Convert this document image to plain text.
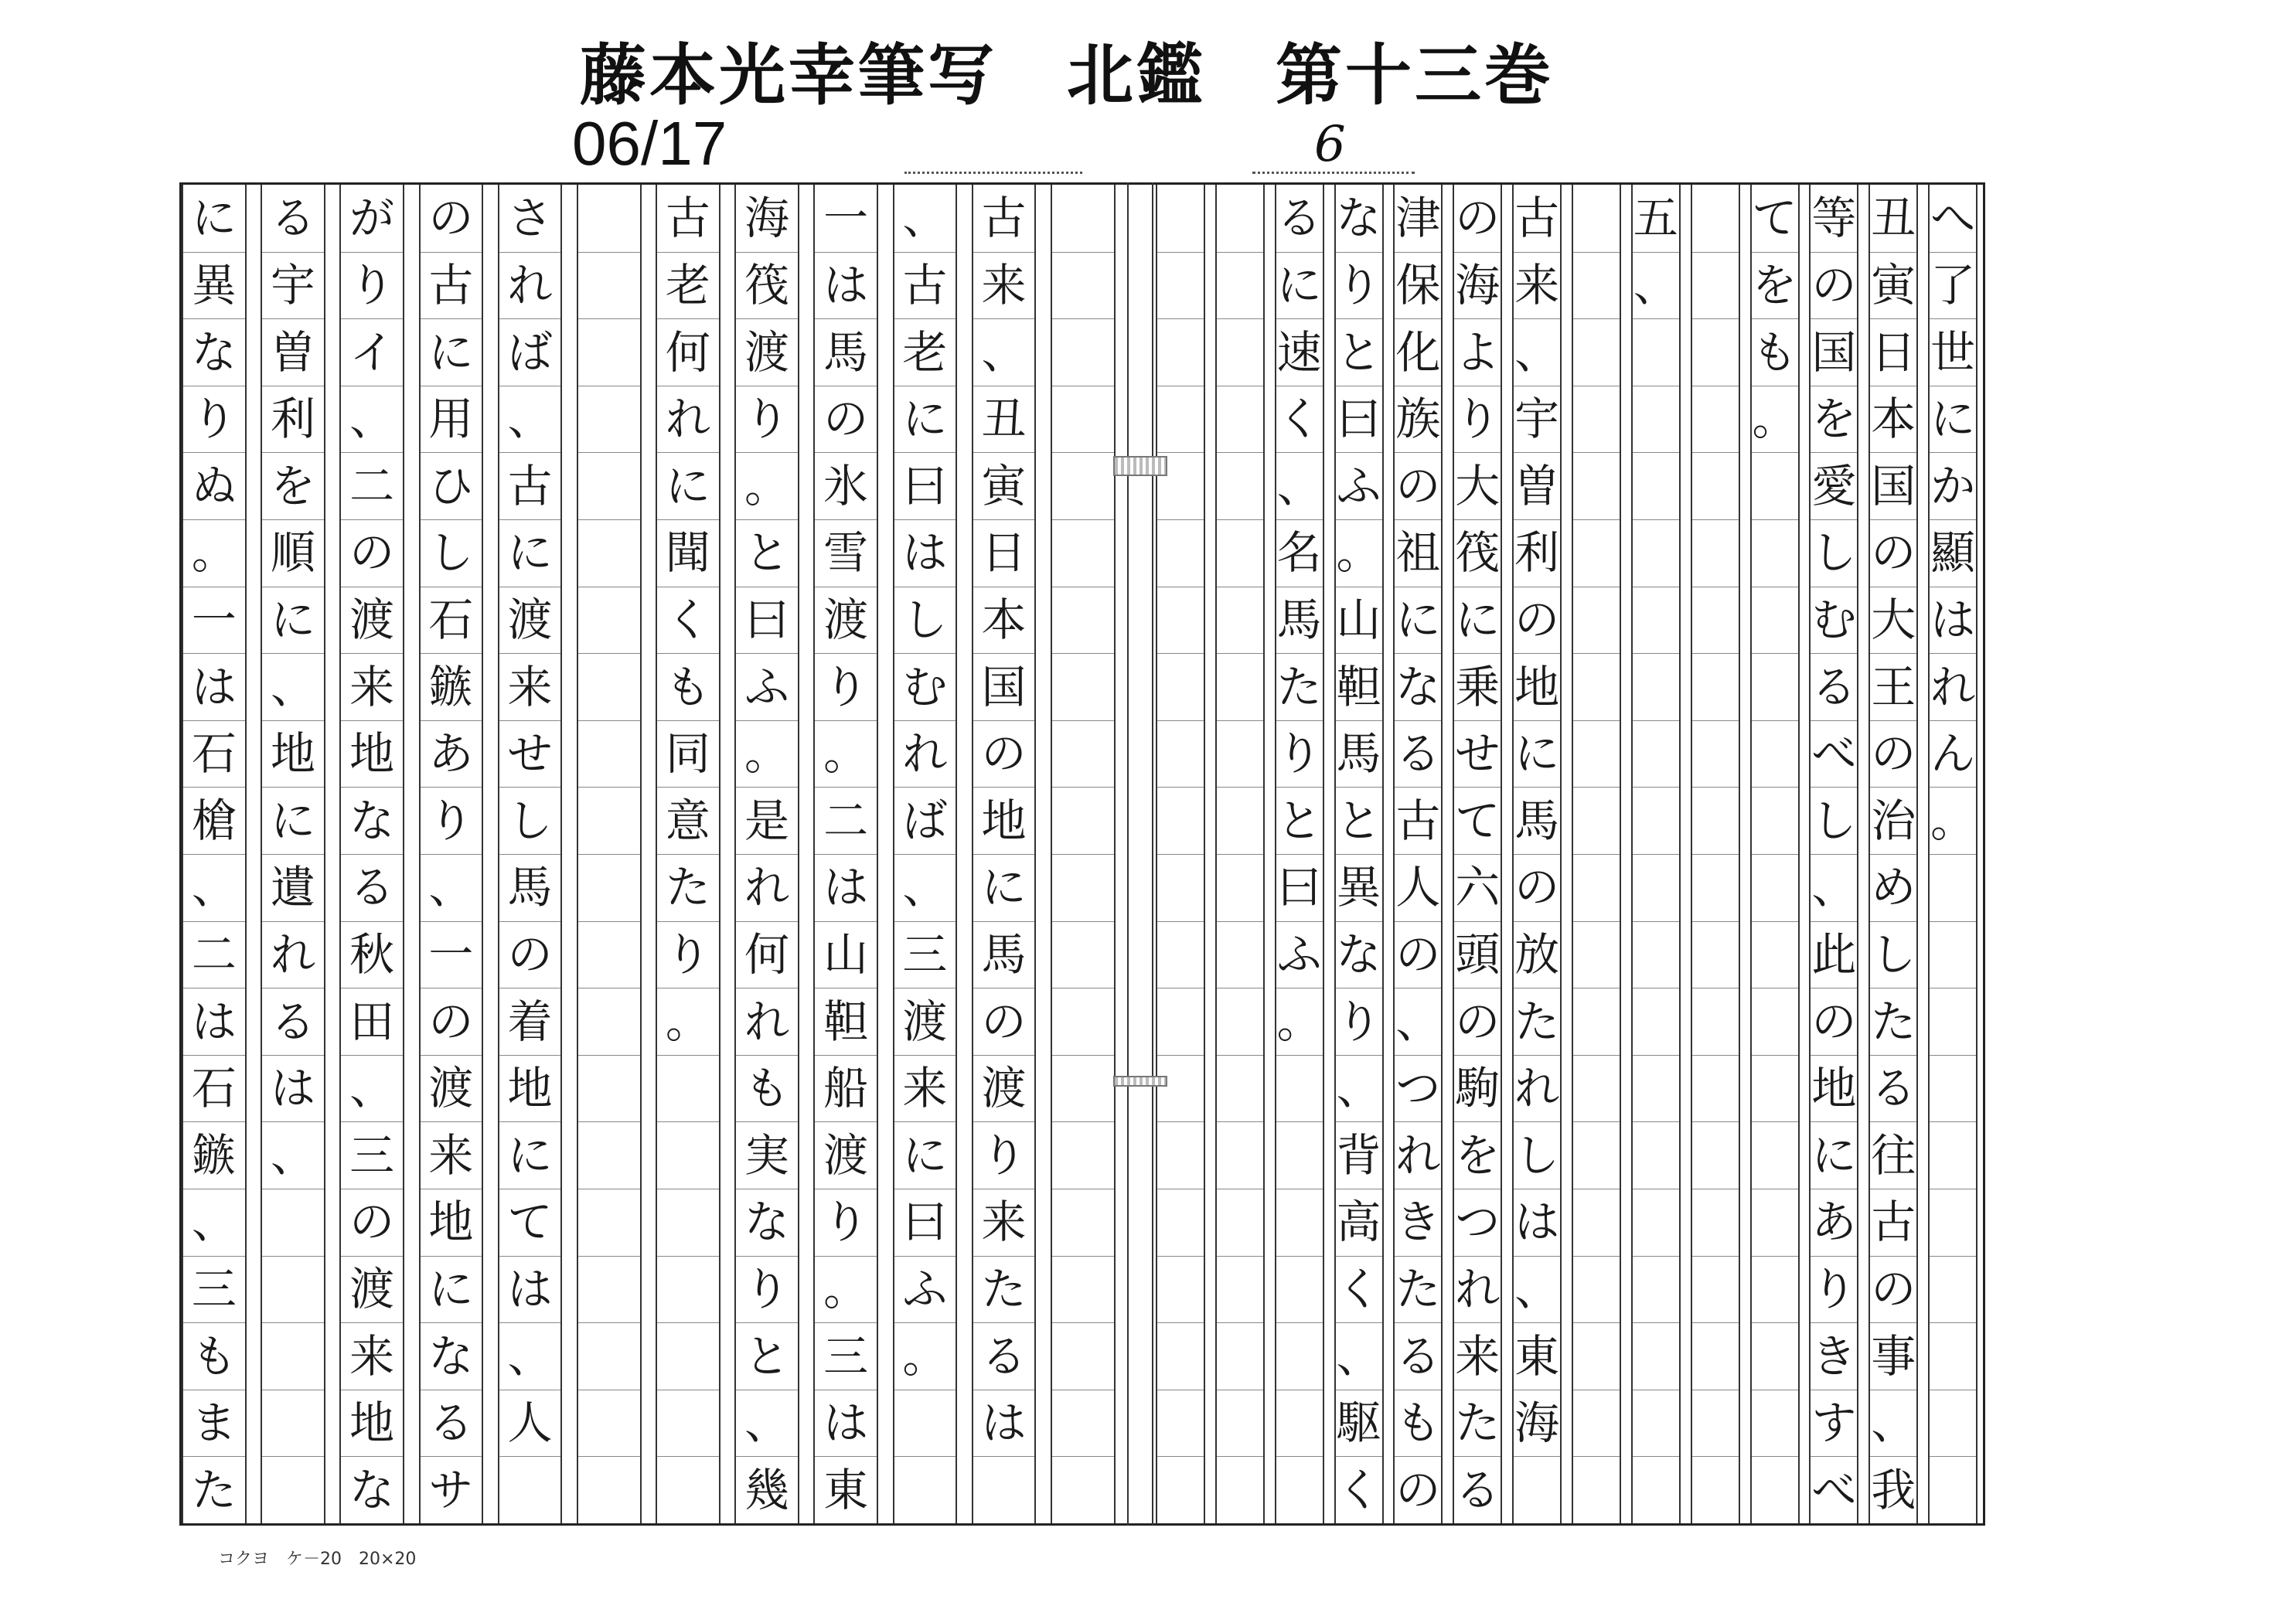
藤本光幸筆写　北鑑　第十三巻
06/17	6
古
来
、
丑
寅
日
本
国
の
地
に
馬
の
渡
り
来
た
る
は
、
古
老
に
曰
は
し
む
れ
ば
、
三
渡
来
に
曰
ふ
。
一
は
馬
の
氷
雪
渡
り
。
二
は
山
靼
船
渡
り
。
三
は
東
海
筏
渡
り
。
と
曰
ふ
。
是
れ
何
れ
も
実
な
り
と
、
幾
古
老
何
れ
に
聞
く
も
同
意
た
り
。
さ
れ
ば
、
古
に
渡
来
せ
し
馬
の
着
地
に
て
は
、
人
の
古
に
用
ひ
し
石
鏃
あ
り
、
一
の
渡
来
地
に
な
る
サ
が
り
イ
、
二
の
渡
来
地
な
る
秋
田
、
三
の
渡
来
地
な
る
宇
曽
利
を
順
に
、
地
に
遺
れ
る
は
、
に
異
な
り
ぬ
。
一
は
石
槍
、
二
は
石
鏃
、
三
も
ま
た
へ
了
世
に
か
顯
は
れ
ん
。
丑
寅
日
本
国
の
大
王
の
治
め
し
た
る
往
古
の
事
、
我
等
の
国
を
愛
し
む
る
べ
し
、
此
の
地
に
あ
り
き
す
べ
て
を
も
。
五
、
古
来
、
宇
曽
利
の
地
に
馬
の
放
た
れ
し
は
、
東
海
の
海
よ
り
大
筏
に
乗
せ
て
六
頭
の
駒
を
つ
れ
来
た
る
津
保
化
族
の
祖
に
な
る
古
人
の
、
つ
れ
き
た
る
も
の
な
り
と
曰
ふ
。
山
靼
馬
と
異
な
り
、
背
高
く
、
駆
く
る
に
速
く
、
名
馬
た
り
と
曰
ふ
。
コクヨ　ケ－20　20×20
